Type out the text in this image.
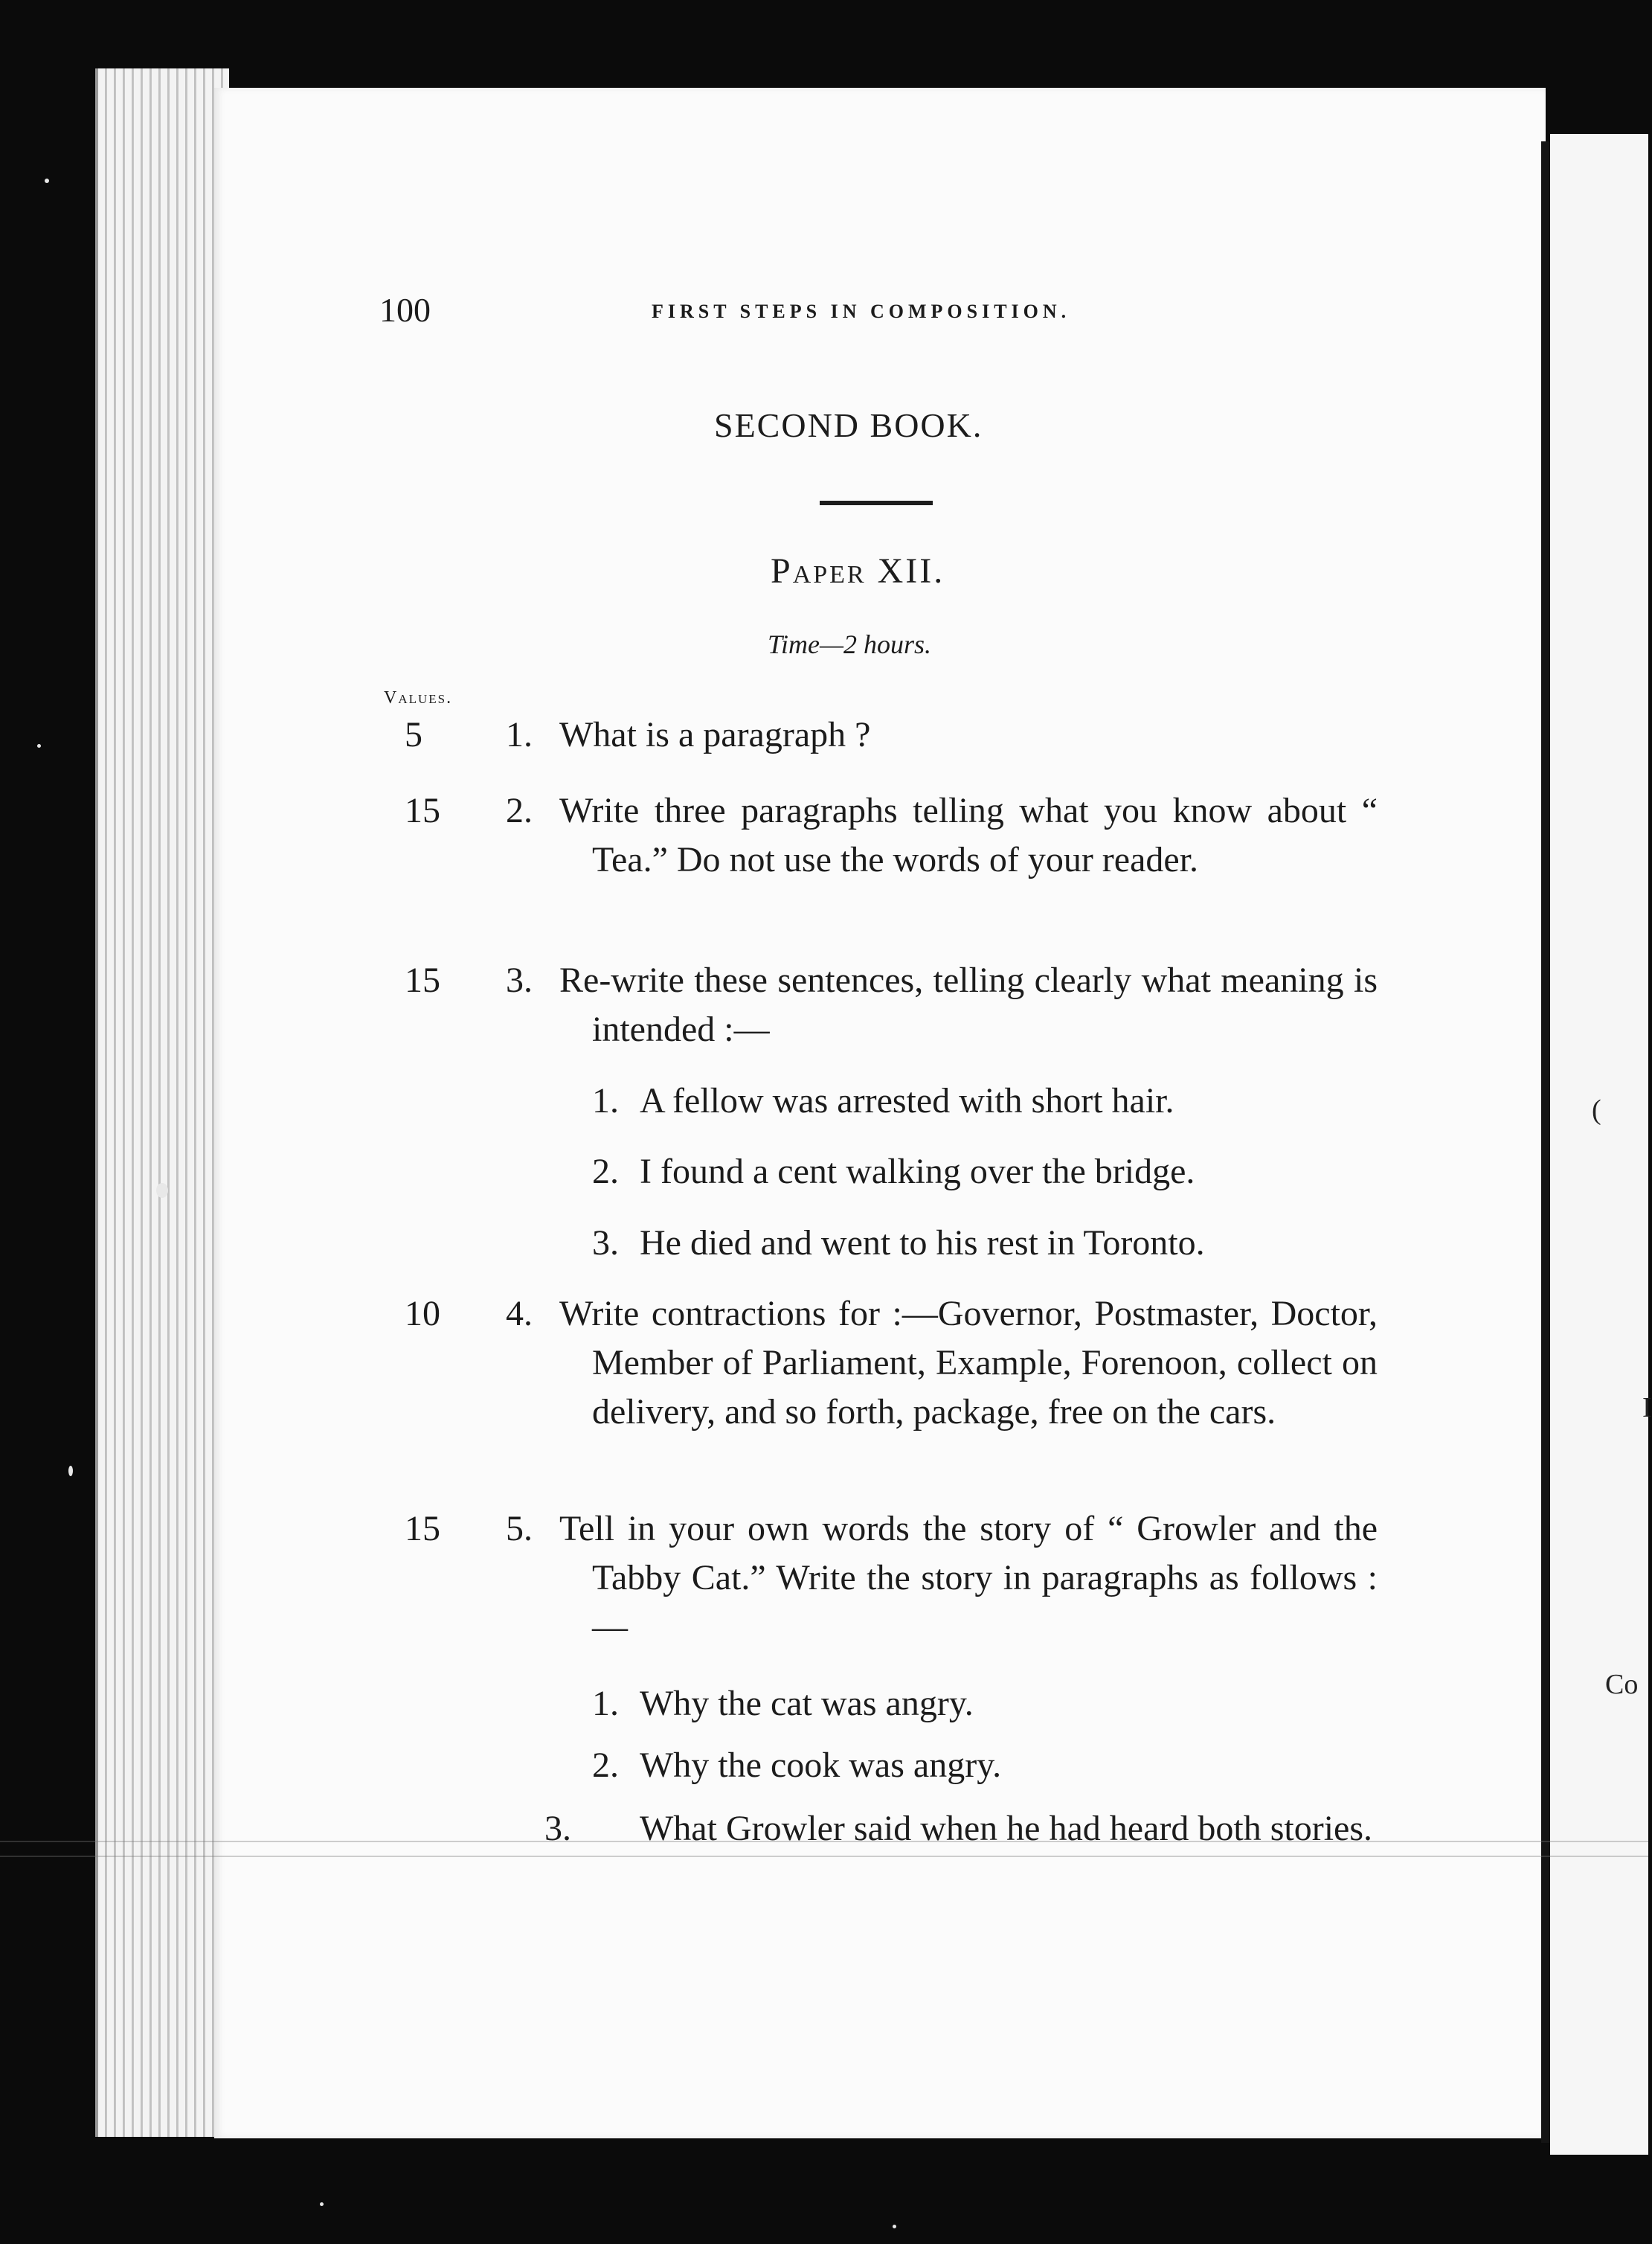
(
I
Co
100	FIRST STEPS IN COMPOSITION.
SECOND BOOK.
Paper XII.
Time—2 hours.
Values.
5	1. What is a paragraph ?

15	2. Write three paragraphs telling what you know about “ Tea.” Do not use the words of your reader.

15	3. Re-write these sentences, telling clearly what meaning is intended :—

1. A fellow was arrested with short hair.
2. I found a cent walking over the bridge.
3. He died and went to his rest in Toronto.
10	4. Write contractions for :—Governor, Postmaster, Doctor, Member of Parliament, Example, Forenoon, collect on delivery, and so forth, package, free on the cars.

15	5. Tell in your own words the story of “ Growler and the Tabby Cat.” Write the story in paragraphs as follows :—

1. Why the cat was angry.
2. Why the cook was angry.
3. What Growler said when he had heard both stories.
